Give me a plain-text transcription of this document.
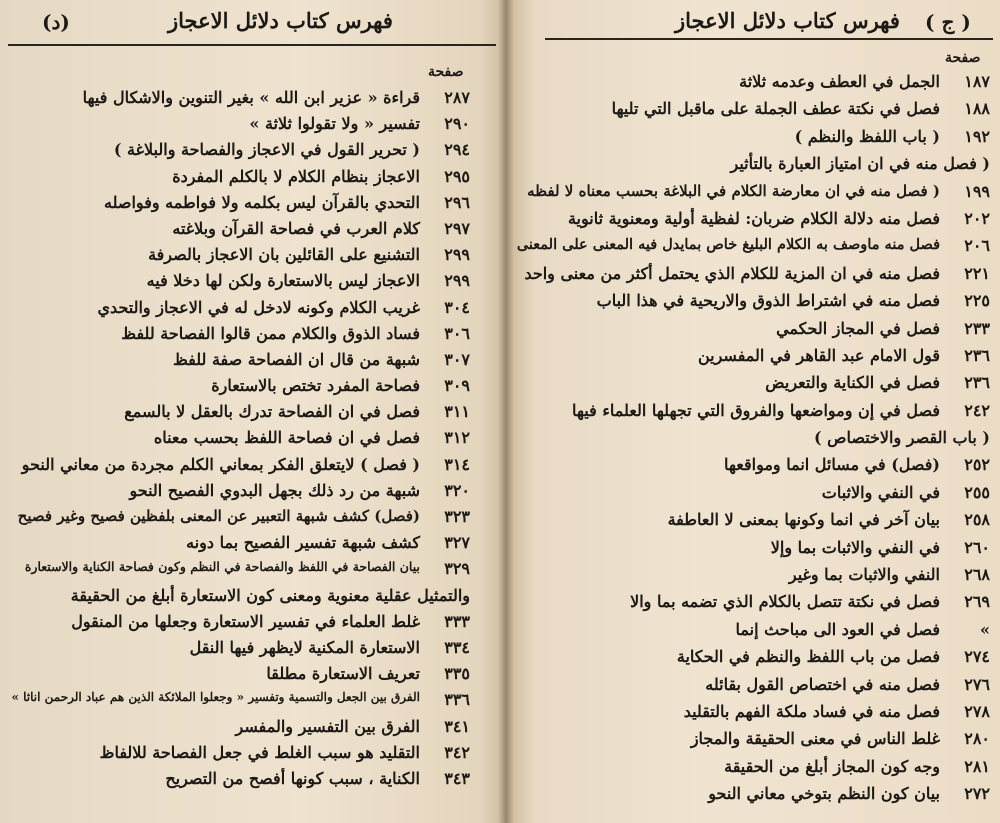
فهرس كتاب دلائل الاعجاز
(د)
صفحة
٢٨٧
قراءة « عزير ابن الله » بغير التنوين والاشكال فيها
٢٩٠
تفسير « ولا تقولوا ثلاثة »
٢٩٤
( تحرير القول في الاعجاز والفصاحة والبلاغة )
٢٩٥
الاعجاز بنظام الكلام لا بالكلم المفردة
٢٩٦
التحدي بالقرآن ليس بكلمه ولا فواطمه وفواصله
٢٩٧
كلام العرب في فصاحة القرآن وبلاغته
٢٩٩
التشنيع على القائلين بان الاعجاز بالصرفة
٢٩٩
الاعجاز ليس بالاستعارة ولكن لها دخلا فيه
٣٠٤
غريب الكلام وكونه لادخل له في الاعجاز والتحدي
٣٠٦
فساد الذوق والكلام ممن قالوا الفصاحة للفظ
٣٠٧
شبهة من قال ان الفصاحة صفة للفظ
٣٠٩
فصاحة المفرد تختص بالاستعارة
٣١١
فصل في ان الفصاحة تدرك بالعقل لا بالسمع
٣١٢
فصل في ان فصاحة اللفظ بحسب معناه
٣١٤
( فصل ) لايتعلق الفكر بمعاني الكلم مجردة من معاني النحو
٣٢٠
شبهة من رد ذلك بجهل البدوي الفصيح النحو
٣٢٣
(فصل) كشف شبهة التعبير عن المعنى بلفظين فصيح وغير فصيح
٣٢٧
كشف شبهة تفسير الفصيح بما دونه
٣٢٩
بيان الفصاحة في اللفظ والفصاحة في النظم وكون فصاحة الكناية والاستعارة
والتمثيل عقلية معنوية ومعنى كون الاستعارة أبلغ من الحقيقة
٣٣٣
غلط العلماء في تفسير الاستعارة وجعلها من المنقول
٣٣٤
الاستعارة المكنية لايظهر فيها النقل
٣٣٥
تعريف الاستعارة مطلقا
٣٣٦
الفرق بين الجعل والتسمية وتفسير « وجعلوا الملائكة الذين هم عباد الرحمن اناثا »
٣٤١
الفرق بين التفسير والمفسر
٣٤٢
التقليد هو سبب الغلط في جعل الفصاحة للالفاظ
٣٤٣
الكناية ، سبب كونها أفصح من التصريح
فهرس كتاب دلائل الاعجاز ( ج )
صفحة
١٨٧
الجمل في العطف وعدمه ثلاثة
١٨٨
فصل في نكتة عطف الجملة على ماقبل التي تليها
١٩٢
( باب اللفظ والنظم )
( فصل منه في ان امتياز العبارة بالتأثير
١٩٩
( فصل منه في ان معارضة الكلام في البلاغة بحسب معناه لا لفظه
٢٠٢
فصل منه دلالة الكلام ضربان: لفظية أولية ومعنوية ثانوية
٢٠٦
فصل منه ماوصف به الكلام البليغ خاص بمايدل فيه المعنى على المعنى
٢٢١
فصل منه في ان المزية للكلام الذي يحتمل أكثر من معنى واحد
٢٢٥
فصل منه في اشتراط الذوق والاريحية في هذا الباب
٢٣٣
فصل في المجاز الحكمي
٢٣٦
قول الامام عبد القاهر في المفسرين
٢٣٦
فصل في الكناية والتعريض
٢٤٢
فصل في إن ومواضعها والفروق التي تجهلها العلماء فيها
( باب القصر والاختصاص )
٢٥٢
(فصل) في مسائل انما ومواقعها
٢٥٥
في النفي والاثبات
٢٥٨
بيان آخر في انما وكونها بمعنى لا العاطفة
٢٦٠
في النفي والاثبات بما وإلا
٢٦٨
النفي والاثبات بما وغير
٢٦٩
فصل في نكتة تتصل بالكلام الذي تضمه بما والا
»
فصل في العود الى مباحث إنما
٢٧٤
فصل من باب اللفظ والنظم في الحكاية
٢٧٦
فصل منه في اختصاص القول بقائله
٢٧٨
فصل منه في فساد ملكة الفهم بالتقليد
٢٨٠
غلط الناس في معنى الحقيقة والمجاز
٢٨١
وجه كون المجاز أبلغ من الحقيقة
٢٧٢
بيان كون النظم بتوخي معاني النحو
